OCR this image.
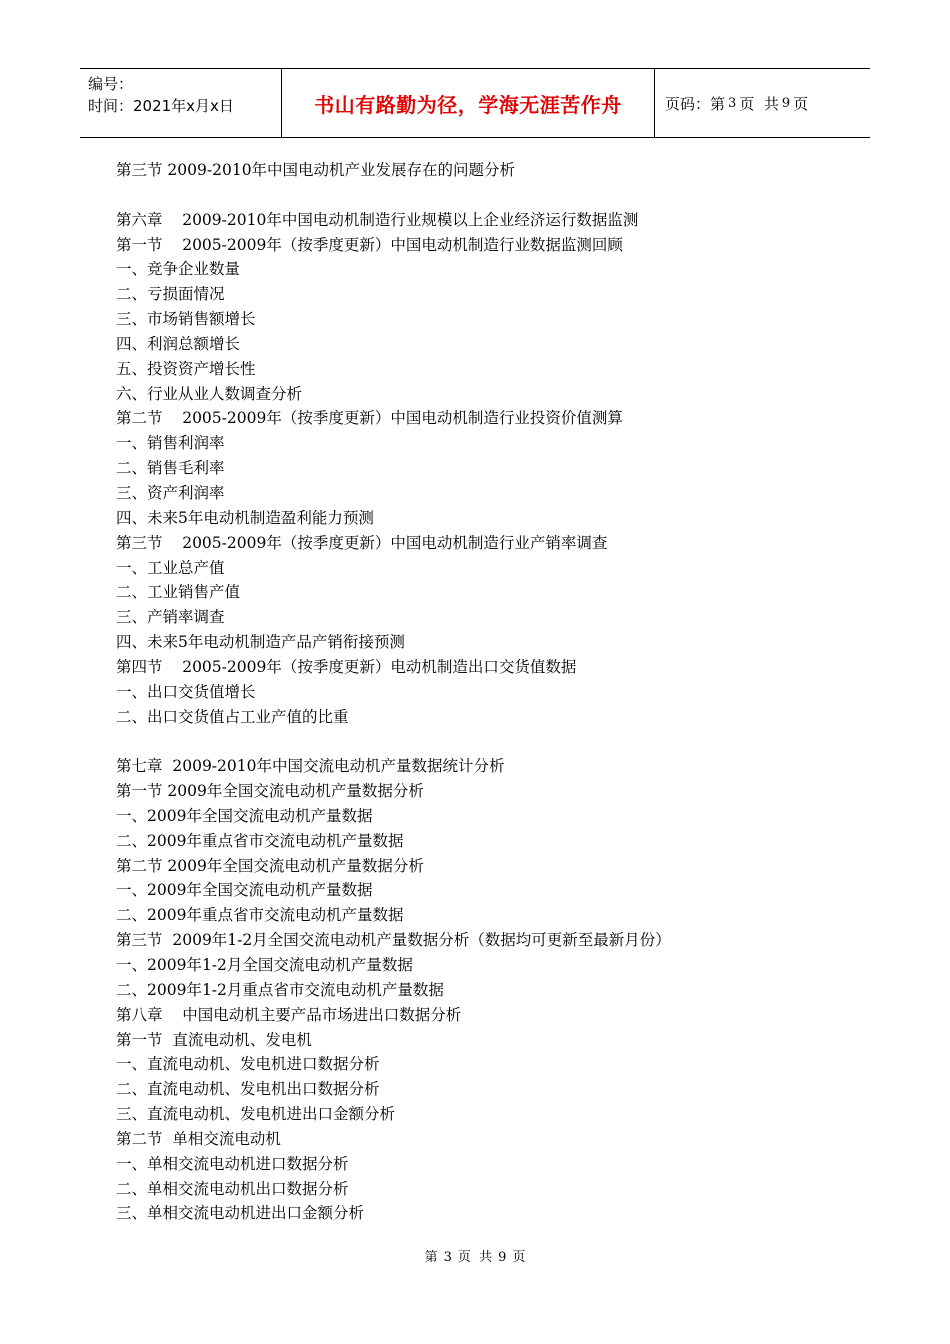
编号：
时间：2021年x月x日	书山有路勤为径，学海无涯苦作舟	页码：第 3 页  共 9 页
第三节 2009-2010年中国电动机产业发展存在的问题分析
第六章    2009-2010年中国电动机制造行业规模以上企业经济运行数据监测
第一节    2005-2009年（按季度更新）中国电动机制造行业数据监测回顾
一、竞争企业数量
二、亏损面情况
三、市场销售额增长
四、利润总额增长
五、投资资产增长性
六、行业从业人数调查分析
第二节    2005-2009年（按季度更新）中国电动机制造行业投资价值测算
一、销售利润率
二、销售毛利率
三、资产利润率
四、未来5年电动机制造盈利能力预测
第三节    2005-2009年（按季度更新）中国电动机制造行业产销率调查
一、工业总产值
二、工业销售产值
三、产销率调查
四、未来5年电动机制造产品产销衔接预测
第四节    2005-2009年（按季度更新）电动机制造出口交货值数据
一、出口交货值增长
二、出口交货值占工业产值的比重
第七章  2009-2010年中国交流电动机产量数据统计分析
第一节 2009年全国交流电动机产量数据分析
一、2009年全国交流电动机产量数据
二、2009年重点省市交流电动机产量数据
第二节 2009年全国交流电动机产量数据分析
一、2009年全国交流电动机产量数据
二、2009年重点省市交流电动机产量数据
第三节  2009年1-2月全国交流电动机产量数据分析（数据均可更新至最新月份）
一、2009年1-2月全国交流电动机产量数据
二、2009年1-2月重点省市交流电动机产量数据
第八章    中国电动机主要产品市场进出口数据分析
第一节  直流电动机、发电机
一、直流电动机、发电机进口数据分析
二、直流电动机、发电机出口数据分析
三、直流电动机、发电机进出口金额分析
第二节  单相交流电动机
一、单相交流电动机进口数据分析
二、单相交流电动机出口数据分析
三、单相交流电动机进出口金额分析
第 3 页  共 9 页
